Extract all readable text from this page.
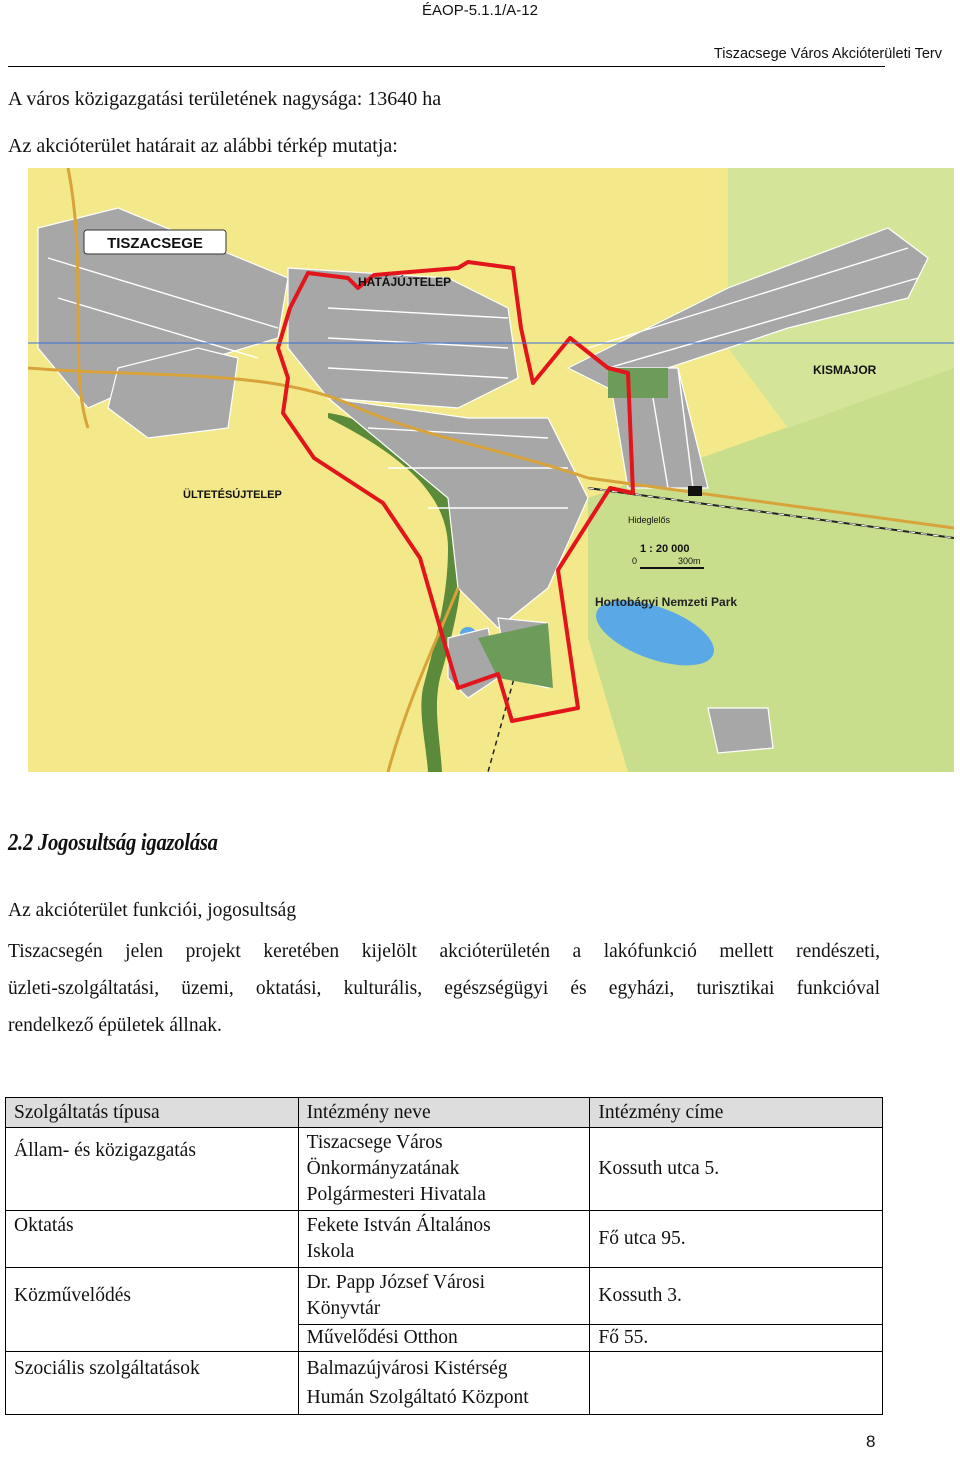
ÉAOP-5.1.1/A-12
Tiszacsege Város Akcióterületi Terv
A város közigazgatási területének nagysága: 13640 ha
Az akcióterület határait az alábbi térkép mutatja:
TISZACSEGE
HATÁJÚJTELEP
KISMAJOR
ÜLTETÉSÚJTELEP
Hideglelős
Hortobágyi Nemzeti Park
1 : 20 000
0	300m
2.2 Jogosultság igazolása
Az akcióterület funkciói, jogosultság
Tiszacsegén jelen projekt keretében kijelölt akcióterületén a lakófunkció mellett rendészeti,
üzleti-szolgáltatási, üzemi, oktatási, kulturális, egészségügyi és egyházi, turisztikai funkcióval
rendelkező épületek állnak.
Szolgáltatás típusa	Intézmény neve	Intézmény címe
Állam- és közigazgatás	Tiszacsege Város
Önkormányzatának
Polgármesteri Hivatala	Kossuth utca 5.
Oktatás	Fekete István Általános
Iskola	Fő utca 95.
Közművelődés	Dr. Papp József Városi
Könyvtár	Kossuth 3.

	Művelődési Otthon	Fő 55.
Szociális szolgáltatások	Balmazújvárosi Kistérség
Humán Szolgáltató Központ	

8
